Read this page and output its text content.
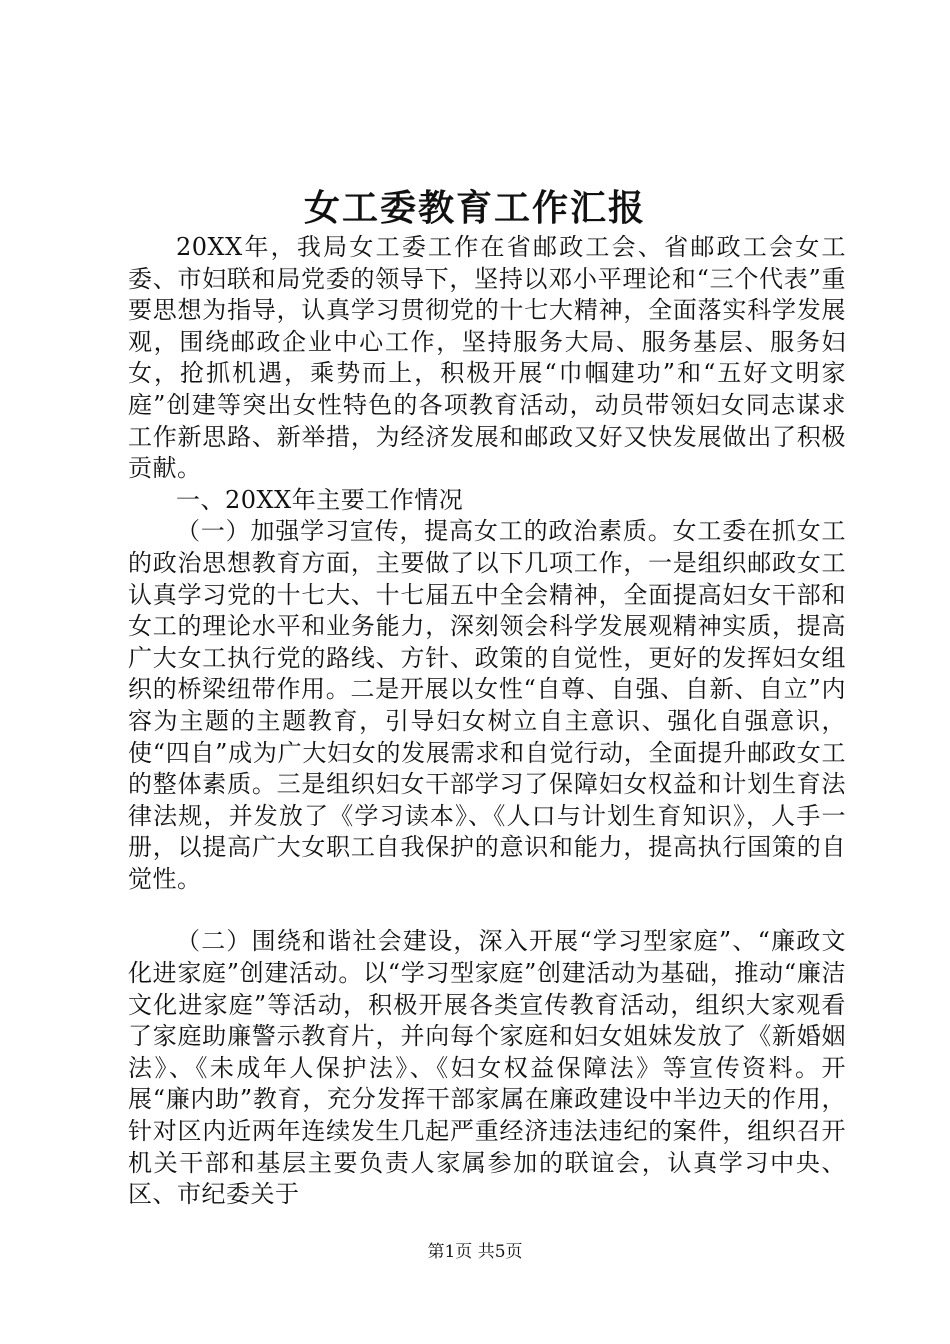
女工委教育工作汇报

20XX年，我局女工委工作在省邮政工会、省邮政工会女工委、市妇联和局党委的领导下，坚持以邓小平理论和“三个代表”重要思想为指导，认真学习贯彻党的十七大精神，全面落实科学发展观，围绕邮政企业中心工作，坚持服务大局、服务基层、服务妇女，抢抓机遇，乘势而上，积极开展“巾帼建功”和“五好文明家庭”创建等突出女性特色的各项教育活动，动员带领妇女同志谋求工作新思路、新举措，为经济发展和邮政又好又快发展做出了积极贡献。

一、20XX年主要工作情况

（一）加强学习宣传，提高女工的政治素质。女工委在抓女工的政治思想教育方面，主要做了以下几项工作，一是组织邮政女工认真学习党的十七大、十七届五中全会精神，全面提高妇女干部和女工的理论水平和业务能力，深刻领会科学发展观精神实质，提高广大女工执行党的路线、方针、政策的自觉性，更好的发挥妇女组织的桥梁纽带作用。二是开展以女性“自尊、自强、自新、自立”内容为主题的主题教育，引导妇女树立自主意识、强化自强意识，使“四自”成为广大妇女的发展需求和自觉行动，全面提升邮政女工的整体素质。三是组织妇女干部学习了保障妇女权益和计划生育法律法规，并发放了《学习读本》、《人口与计划生育知识》，人手一册，以提高广大女职工自我保护的意识和能力，提高执行国策的自觉性。

（二）围绕和谐社会建设，深入开展“学习型家庭”、“廉政文化进家庭”创建活动。以“学习型家庭”创建活动为基础，推动“廉洁文化进家庭”等活动，积极开展各类宣传教育活动，组织大家观看了家庭助廉警示教育片，并向每个家庭和妇女姐妹发放了《新婚姻法》、《未成年人保护法》、《妇女权益保障法》等宣传资料。开展“廉内助”教育，充分发挥干部家属在廉政建设中半边天的作用，针对区内近两年连续发生几起严重经济违法违纪的案件，组织召开机关干部和基层主要负责人家属参加的联谊会，认真学习中央、区、市纪委关于

第1页 共5页
